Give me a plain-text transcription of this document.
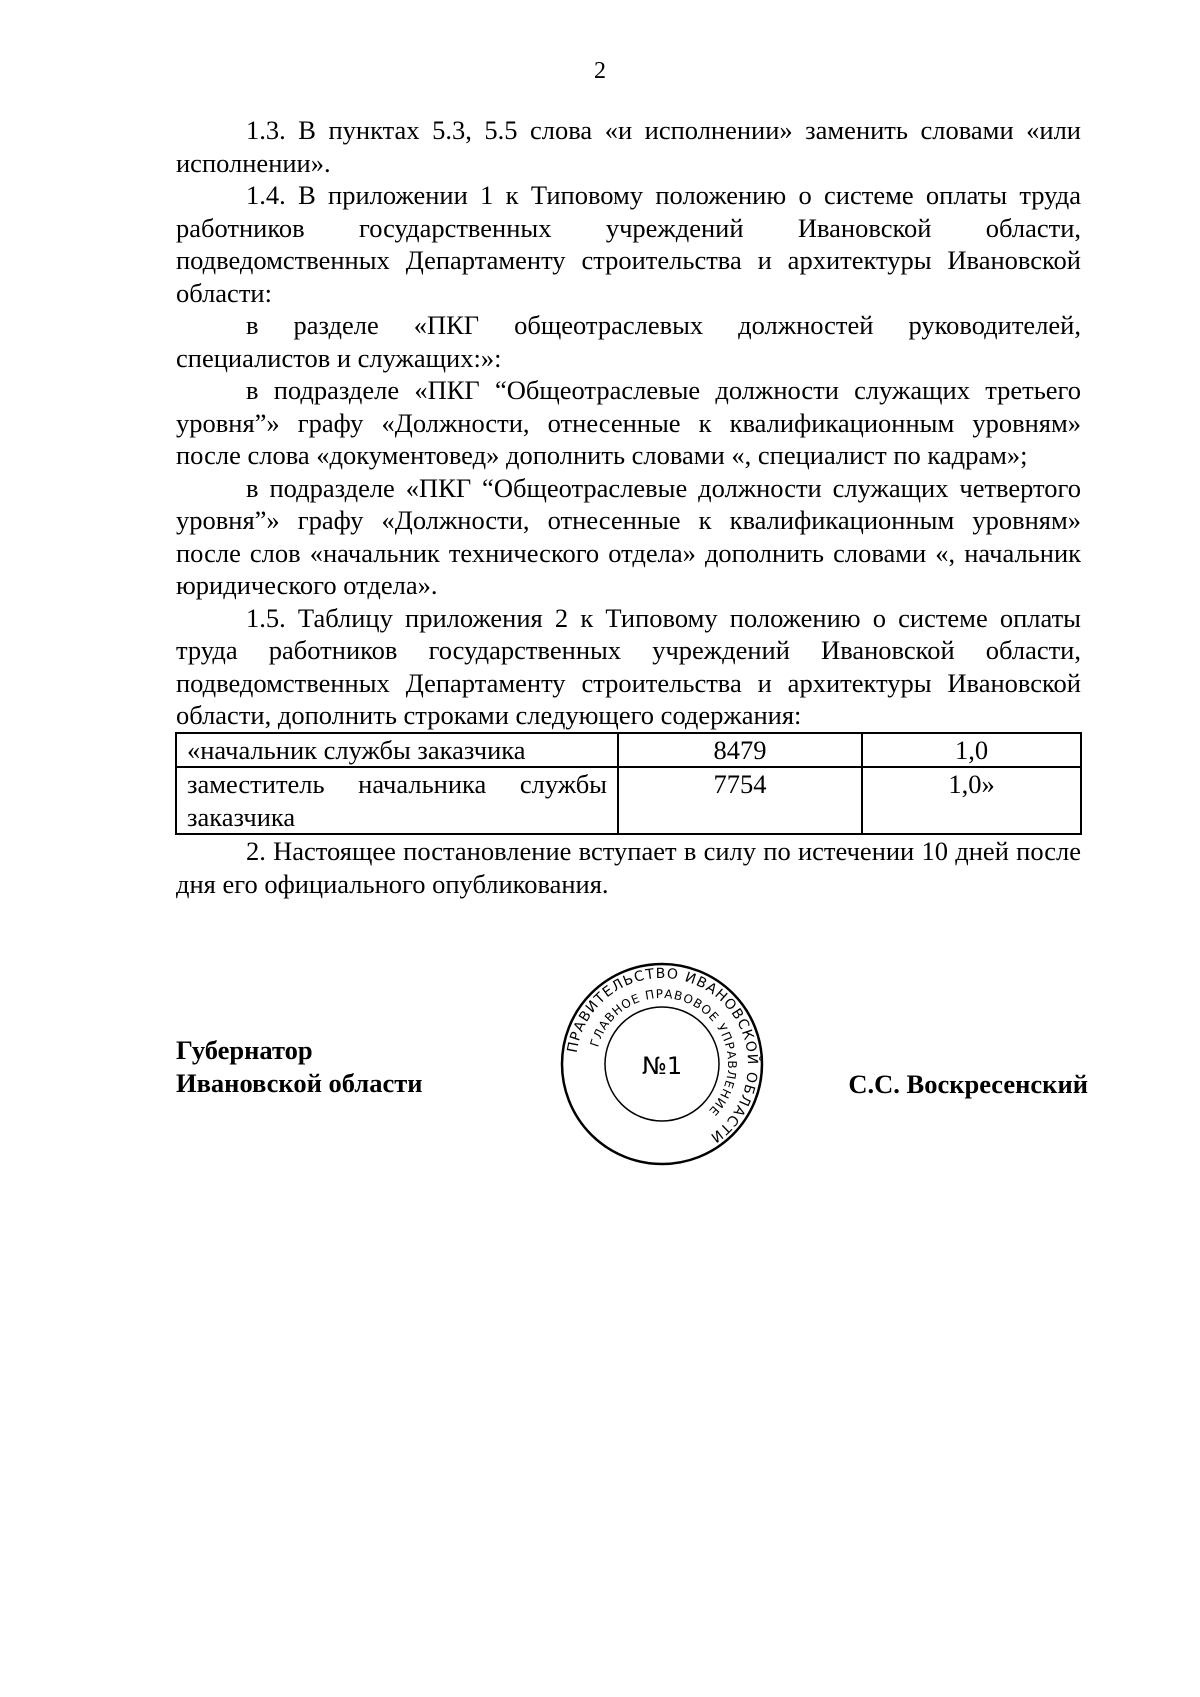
2

1.3. В пунктах 5.3, 5.5 слова «и исполнении» заменить словами «или исполнении».

1.4. В приложении 1 к Типовому положению о системе оплаты труда работников государственных учреждений Ивановской области, подведомственных Департаменту строительства и архитектуры Ивановской области:

в разделе «ПКГ общеотраслевых должностей руководителей, специалистов и служащих:»:

в подразделе «ПКГ “Общеотраслевые должности служащих третьего уровня”» графу «Должности, отнесенные к квалификационным уровням» после слова «документовед» дополнить словами «, специалист по кадрам»;

в подразделе «ПКГ “Общеотраслевые должности служащих четвертого уровня”» графу «Должности, отнесенные к квалификационным уровням» после слов «начальник технического отдела» дополнить словами «, начальник юридического отдела».

1.5. Таблицу приложения 2 к Типовому положению о системе оплаты труда работников государственных учреждений Ивановской области, подведомственных Департаменту строительства и архитектуры Ивановской области, дополнить строками следующего содержания:

«начальник службы заказчика	8479	1,0
заместитель начальника службы заказчика	7754	1,0»

2. Настоящее постановление вступает в силу по истечении 10 дней после дня его официального опубликования.

ПРАВИТЕЛЬСТВО ИВАНОВСКОЙ ОБЛАСТИ
ГЛАВНОЕ ПРАВОВОЕ УПРАВЛЕНИЕ
№1
Губернатор
Ивановской области	С.С. Воскресенский
